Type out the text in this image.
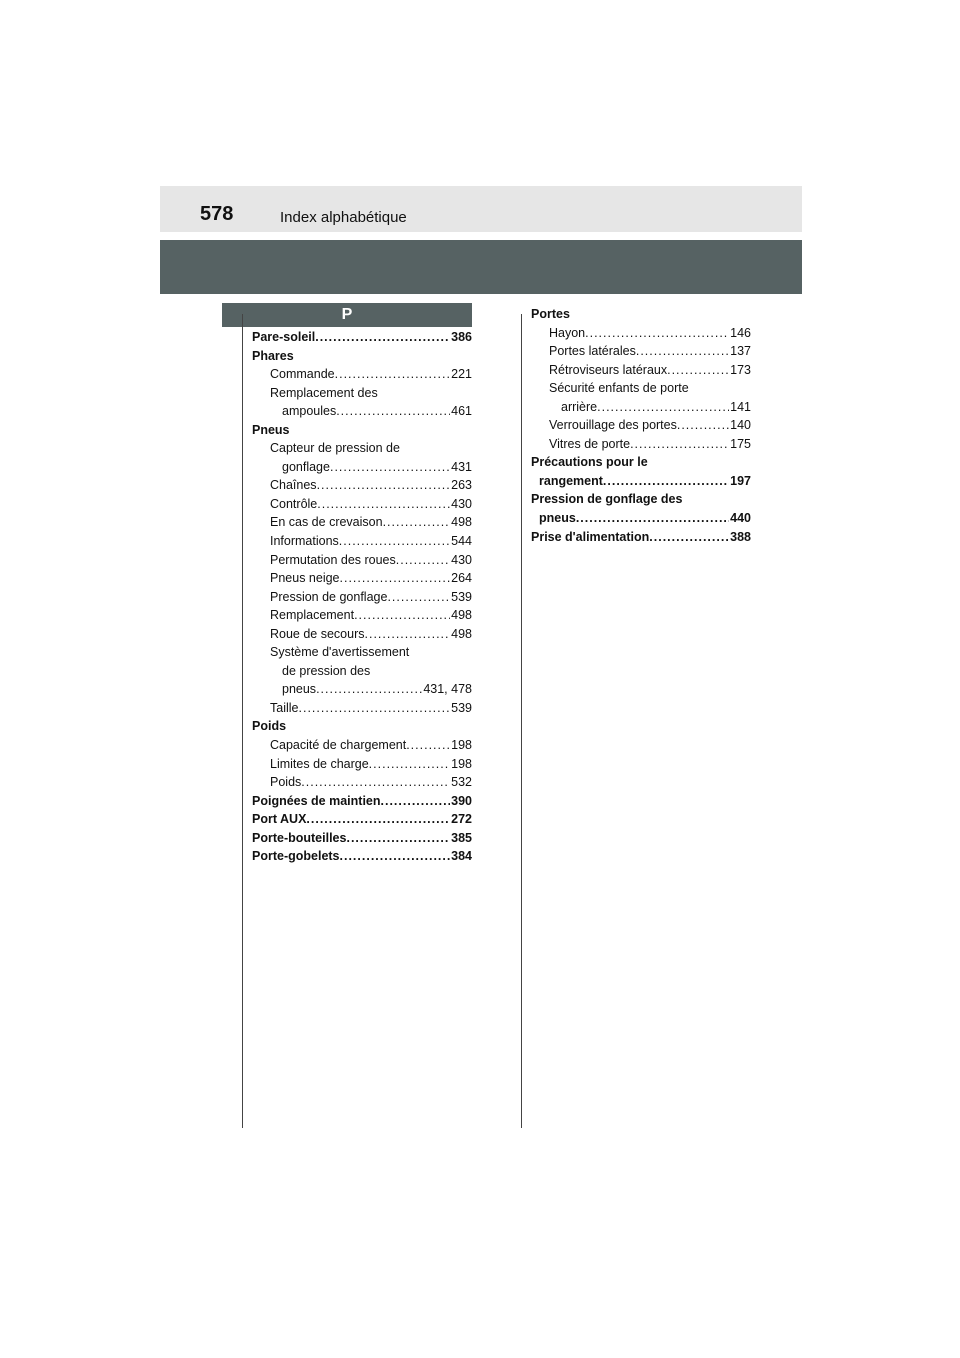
578	Index alphabétique
P
Pare-soleil .....	386
Phares
Commande .....	221
Remplacement des
ampoules .....	461
Pneus
Capteur de pression de
gonflage .....	431
Chaînes .....	263
Contrôle .....	430
En cas de crevaison .....	498
Informations .....	544
Permutation des roues .....	430
Pneus neige .....	264
Pression de gonflage .....	539
Remplacement .....	498
Roue de secours .....	498
Système d'avertissement
de pression des
pneus .....	431, 478
Taille .....	539
Poids
Capacité de chargement .....	198
Limites de charge .....	198
Poids .....	532
Poignées de maintien .....	390
Port AUX .....	272
Porte-bouteilles .....	385
Porte-gobelets .....	384
Portes
Hayon .....	146
Portes latérales .....	137
Rétroviseurs latéraux .....	173
Sécurité enfants de porte
arrière .....	141
Verrouillage des portes .....	140
Vitres de porte .....	175
Précautions pour le
rangement .....	197
Pression de gonflage des
pneus .....	440
Prise d'alimentation .....	388
